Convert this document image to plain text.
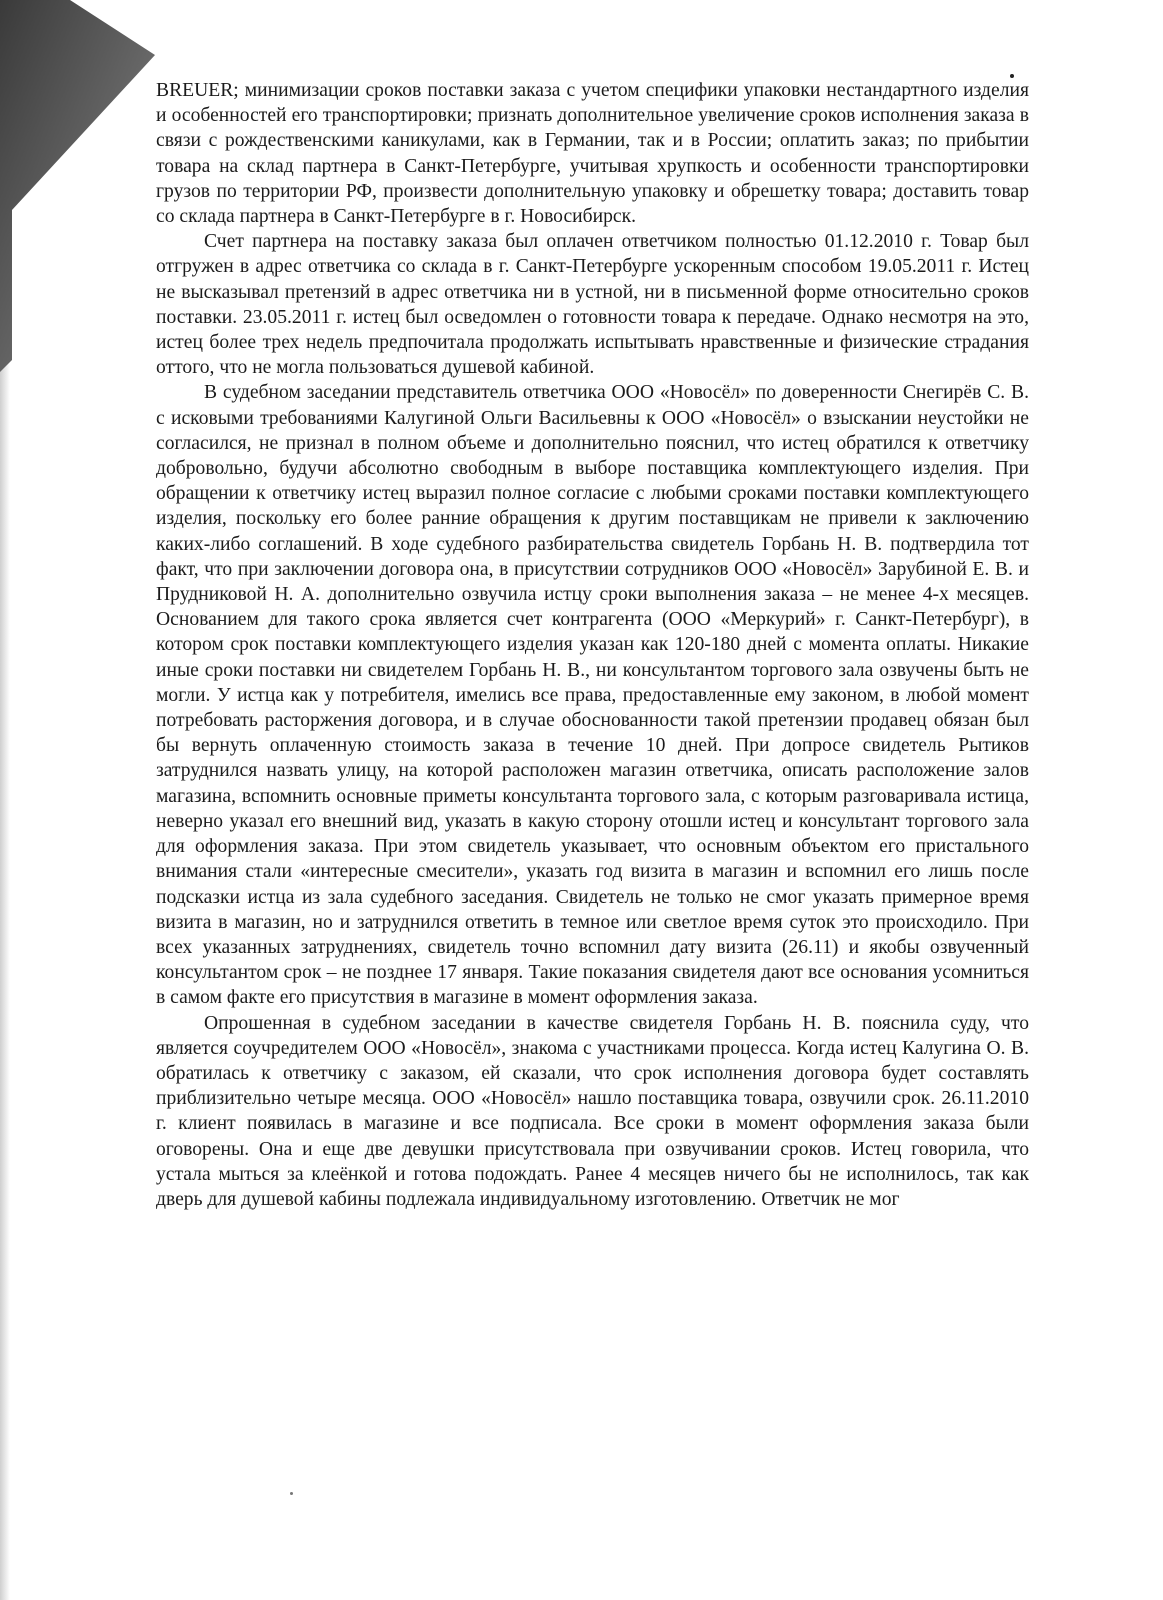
BREUER; минимизации сроков поставки заказа с учетом специфики упаковки нестандартного изделия и особенностей его транспортировки; признать дополнительное увеличение сроков исполнения заказа в связи с рождественскими каникулами, как в Германии, так и в России; оплатить заказ; по прибытии товара на склад партнера в Санкт-Петербурге, учитывая хрупкость и особенности транспортировки грузов по территории РФ, произвести дополнительную упаковку и обрешетку товара; доставить товар со склада партнера в Санкт-Петербурге в г. Новосибирск.

Счет партнера на поставку заказа был оплачен ответчиком полностью 01.12.2010 г. Товар был отгружен в адрес ответчика со склада в г. Санкт-Петербурге ускоренным способом 19.05.2011 г. Истец не высказывал претензий в адрес ответчика ни в устной, ни в письменной форме относительно сроков поставки. 23.05.2011 г. истец был осведомлен о готовности товара к передаче. Однако несмотря на это, истец более трех недель предпочитала продолжать испытывать нравственные и физические страдания оттого, что не могла пользоваться душевой кабиной.

В судебном заседании представитель ответчика ООО «Новосёл» по доверенности Снегирёв С. В. с исковыми требованиями Калугиной Ольги Васильевны к ООО «Новосёл» о взыскании неустойки не согласился, не признал в полном объеме и дополнительно пояснил, что истец обратился к ответчику добровольно, будучи абсолютно свободным в выборе поставщика комплектующего изделия. При обращении к ответчику истец выразил полное согласие с любыми сроками поставки комплектующего изделия, поскольку его более ранние обращения к другим поставщикам не привели к заключению каких-либо соглашений. В ходе судебного разбирательства свидетель Горбань Н. В. подтвердила тот факт, что при заключении договора она, в присутствии сотрудников ООО «Новосёл» Зарубиной Е. В. и Прудниковой Н. А. дополнительно озвучила истцу сроки выполнения заказа – не менее 4-х месяцев. Основанием для такого срока является счет контрагента (ООО «Меркурий» г. Санкт-Петербург), в котором срок поставки комплектующего изделия указан как 120-180 дней с момента оплаты. Никакие иные сроки поставки ни свидетелем Горбань Н. В., ни консультантом торгового зала озвучены быть не могли. У истца как у потребителя, имелись все права, предоставленные ему законом, в любой момент потребовать расторжения договора, и в случае обоснованности такой претензии продавец обязан был бы вернуть оплаченную стоимость заказа в течение 10 дней. При допросе свидетель Рытиков затруднился назвать улицу, на которой расположен магазин ответчика, описать расположение залов магазина, вспомнить основные приметы консультанта торгового зала, с которым разговаривала истица, неверно указал его внешний вид, указать в какую сторону отошли истец и консультант торгового зала для оформления заказа. При этом свидетель указывает, что основным объектом его пристального внимания стали «интересные смесители», указать год визита в магазин и вспомнил его лишь после подсказки истца из зала судебного заседания. Свидетель не только не смог указать примерное время визита в магазин, но и затруднился ответить в темное или светлое время суток это происходило. При всех указанных затруднениях, свидетель точно вспомнил дату визита (26.11) и якобы озвученный консультантом срок – не позднее 17 января. Такие показания свидетеля дают все основания усомниться в самом факте его присутствия в магазине в момент оформления заказа.

Опрошенная в судебном заседании в качестве свидетеля Горбань Н. В. пояснила суду, что является соучредителем ООО «Новосёл», знакома с участниками процесса. Когда истец Калугина О. В. обратилась к ответчику с заказом, ей сказали, что срок исполнения договора будет составлять приблизительно четыре месяца. ООО «Новосёл» нашло поставщика товара, озвучили срок. 26.11.2010 г. клиент появилась в магазине и все подписала. Все сроки в момент оформления заказа были оговорены. Она и еще две девушки присутствовала при озвучивании сроков. Истец говорила, что устала мыться за клеёнкой и готова подождать. Ранее 4 месяцев ничего бы не исполнилось, так как дверь для душевой кабины подлежала индивидуальному изготовлению. Ответчик не мог
